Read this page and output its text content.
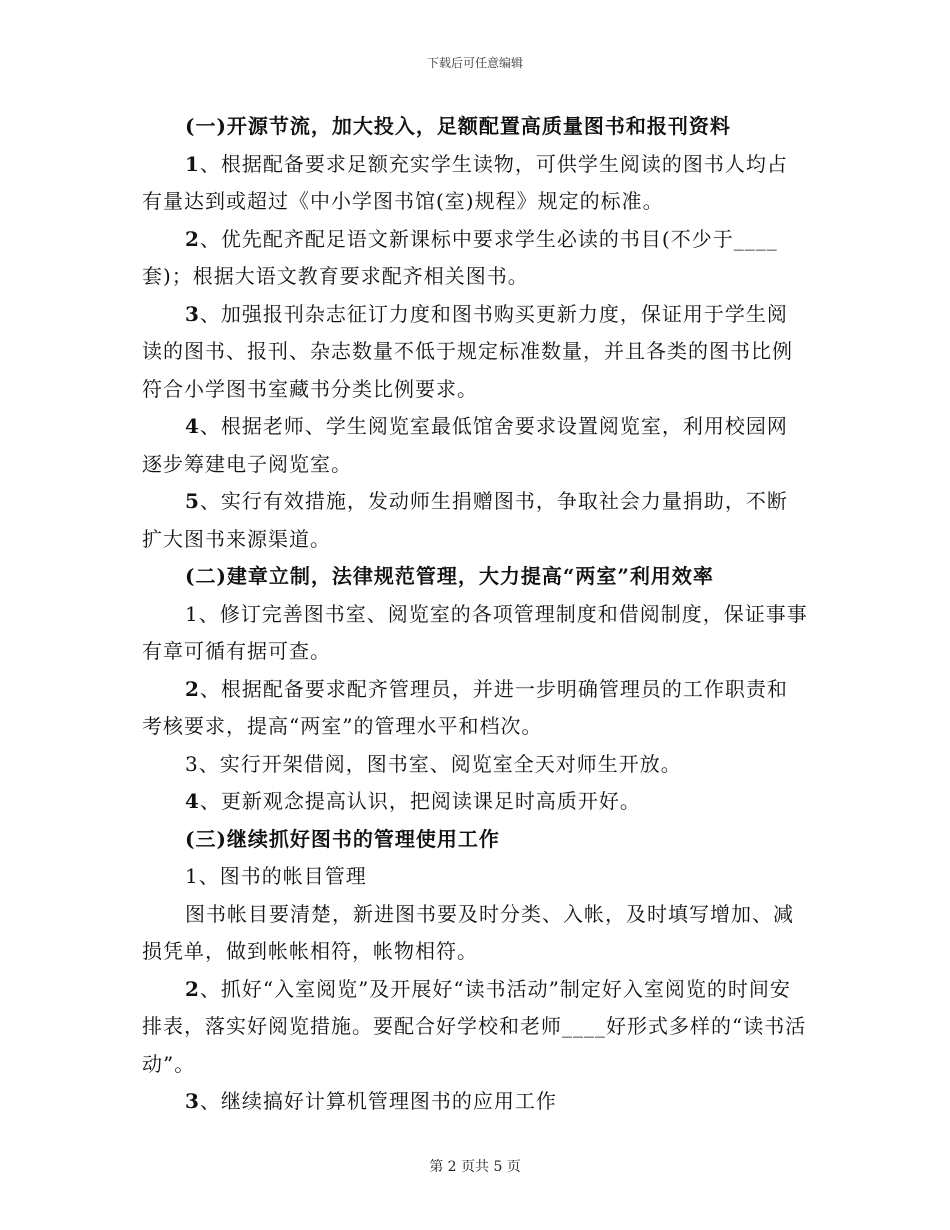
下载后可任意编辑

(一)开源节流，加大投入，足额配置高质量图书和报刊资料

1、根据配备要求足额充实学生读物，可供学生阅读的图书人均占有量达到或超过《中小学图书馆(室)规程》规定的标准。

2、优先配齐配足语文新课标中要求学生必读的书目(不少于____套)；根据大语文教育要求配齐相关图书。

3、加强报刊杂志征订力度和图书购买更新力度，保证用于学生阅读的图书、报刊、杂志数量不低于规定标准数量，并且各类的图书比例符合小学图书室藏书分类比例要求。

4、根据老师、学生阅览室最低馆舍要求设置阅览室，利用校园网逐步筹建电子阅览室。

5、实行有效措施，发动师生捐赠图书，争取社会力量捐助，不断扩大图书来源渠道。

(二)建章立制，法律规范管理，大力提高“两室”利用效率

1、修订完善图书室、阅览室的各项管理制度和借阅制度，保证事事有章可循有据可查。

2、根据配备要求配齐管理员，并进一步明确管理员的工作职责和考核要求，提高“两室”的管理水平和档次。

3、实行开架借阅，图书室、阅览室全天对师生开放。

4、更新观念提高认识，把阅读课足时高质开好。

(三)继续抓好图书的管理使用工作

1、图书的帐目管理

图书帐目要清楚，新进图书要及时分类、入帐，及时填写增加、减损凭单，做到帐帐相符，帐物相符。

2、抓好“入室阅览”及开展好“读书活动”制定好入室阅览的时间安排表，落实好阅览措施。要配合好学校和老师____好形式多样的“读书活动”。

3、继续搞好计算机管理图书的应用工作

第 2 页共 5 页
